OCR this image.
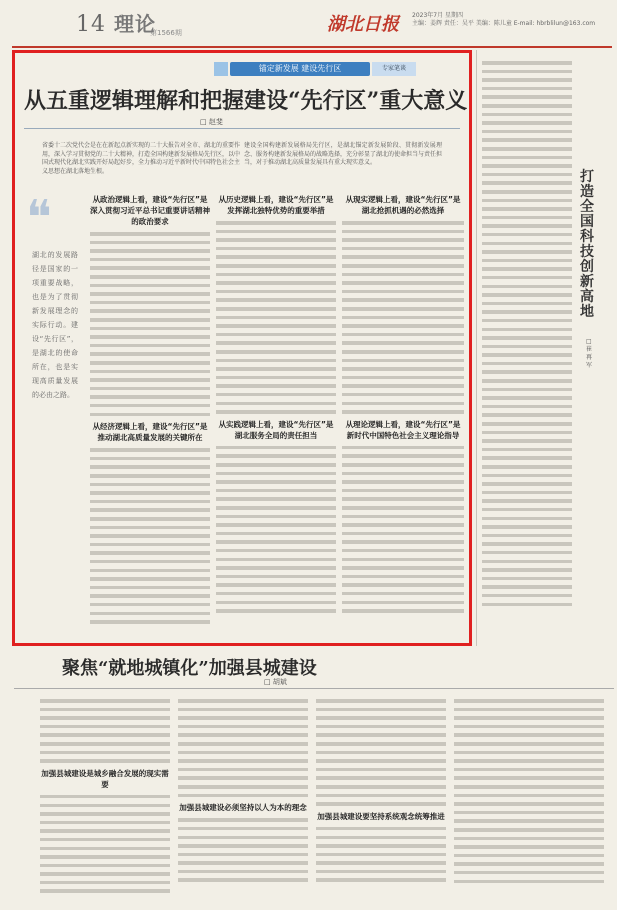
14 理论
第1566期	湖北日报 2023年7月 星期四
主编：姜辉 责任：吴平 美编：陈儿童 E-mail: hbrblilun@163.com
锚定新发展 建设先行区	专家笔谈
从五重逻辑理解和把握建设“先行区”重大意义
□ 赵斐
省委十二次党代会是在在新起点新实现的二十大报告对全市、湖北的重要作用，深入学习贯彻党的二十大精神，打造全国构建新发展格局先行区，以中国式现代化湖北实践开好局起好步，全力推动习近平新时代中国特色社会主义思想在湖北落地生根。
建设全国构建新发展格局先行区，是湖北锚定新发展阶段、贯彻新发展理念、服务构建新发展格局的战略选择，充分彰显了湖北的使命担当与责任担当，对于推动湖北高质量发展具有重大现实意义。
❝
湖北的发展路径是国家的一项重要战略，也是为了贯彻新发展理念的实际行动。建设“先行区”，是湖北的使命所在，也是实现高质量发展的必由之路。
从政治逻辑上看，建设“先行区”是深入贯彻习近平总书记重要讲话精神的政治要求
从经济逻辑上看，建设“先行区”是推动湖北高质量发展的关键所在
从历史逻辑上看，建设“先行区”是发挥湖北独特优势的重要举措
从实践逻辑上看，建设“先行区”是湖北服务全局的责任担当
从现实逻辑上看，建设“先行区”是湖北抢抓机遇的必然选择
从理论逻辑上看，建设“先行区”是新时代中国特色社会主义理论指导
打造全国科技创新高地
□ 崔再军
聚焦“就地城镇化”加强县城建设
□ 胡斌
加强县城建设是城乡融合发展的现实需要
加强县城建设必须坚持以人为本的理念
加强县城建设要坚持系统观念统筹推进
